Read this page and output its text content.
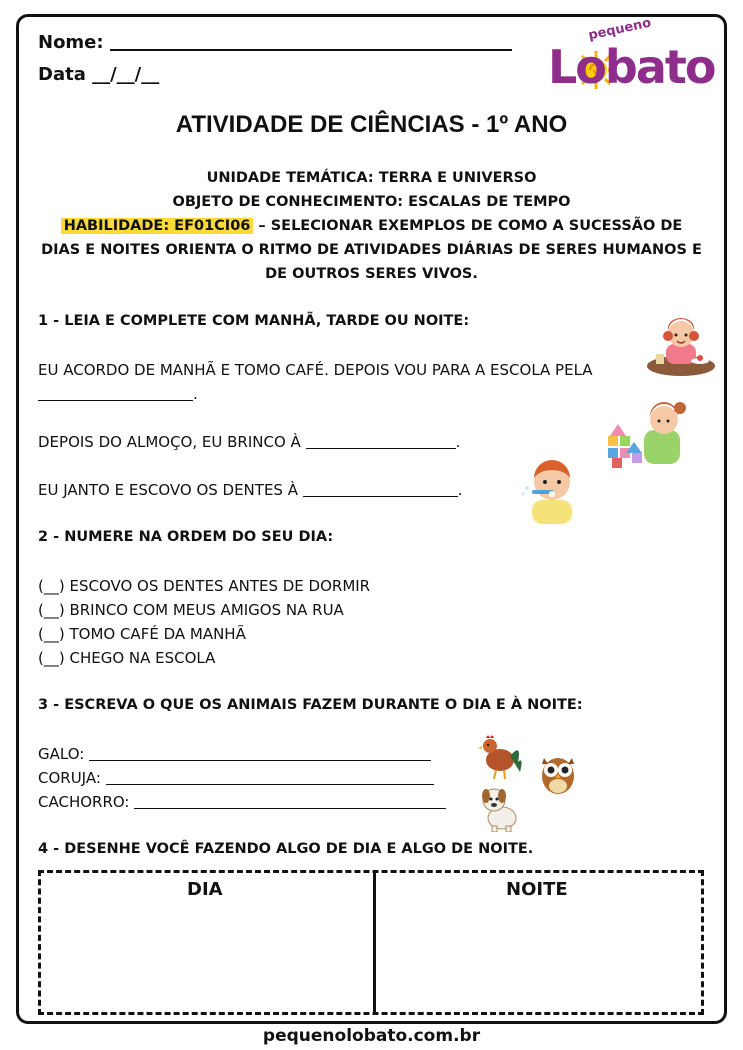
Nome:
Data __/__/__
pequeno
Lobato
ATIVIDADE DE CIÊNCIAS - 1º ANO
UNIDADE TEMÁTICA: TERRA E UNIVERSO
OBJETO DE CONHECIMENTO: ESCALAS DE TEMPO
HABILIDADE: EF01CI06 – SELECIONAR EXEMPLOS DE COMO A SUCESSÃO DE DIAS E NOITES ORIENTA O RITMO DE ATIVIDADES DIÁRIAS DE SERES HUMANOS E DE OUTROS SERES VIVOS.
1 - LEIA E COMPLETE COM MANHÃ, TARDE OU NOITE:
EU ACORDO DE MANHÃ E TOMO CAFÉ. DEPOIS VOU PARA A ESCOLA PELA
.
DEPOIS DO ALMOÇO, EU BRINCO À	.
EU JANTO E ESCOVO OS DENTES À	.
2 - NUMERE NA ORDEM DO SEU DIA:
(__) ESCOVO OS DENTES ANTES DE DORMIR
(__) BRINCO COM MEUS AMIGOS NA RUA
(__) TOMO CAFÉ DA MANHÃ
(__) CHEGO NA ESCOLA
3 - ESCREVA O QUE OS ANIMAIS FAZEM DURANTE O DIA E À NOITE:
GALO:
CORUJA:
CACHORRO:
4 - DESENHE VOCÊ FAZENDO ALGO DE DIA E ALGO DE NOITE.
DIA	NOITE
pequenolobato.com.br
